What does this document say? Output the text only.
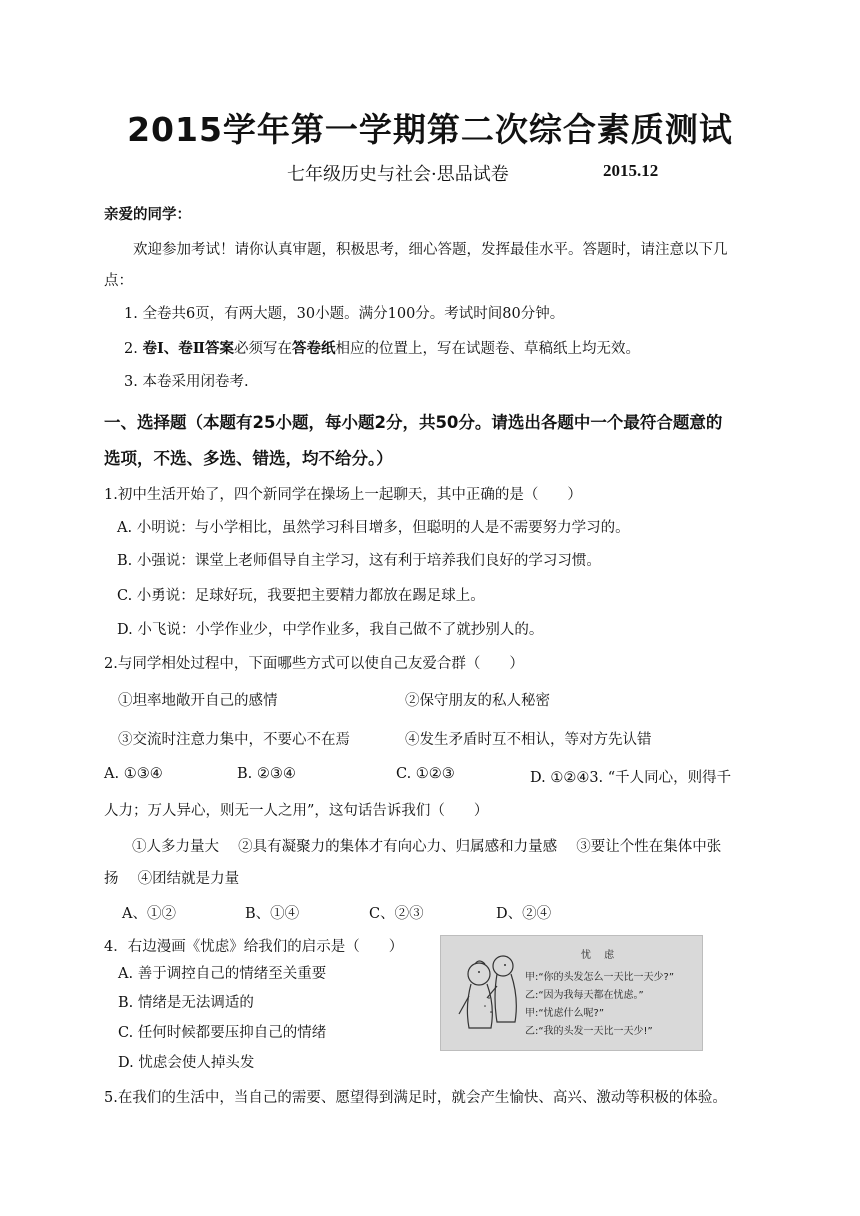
2015学年第一学期第二次综合素质测试
七年级历史与社会·思品试卷	2015.12
亲爱的同学：
欢迎参加考试！请你认真审题，积极思考，细心答题，发挥最佳水平。答题时，请注意以下几
点：
1. 全卷共6页，有两大题，30小题。满分100分。考试时间80分钟。
2. 卷Ⅰ、卷Ⅱ答案必须写在答卷纸相应的位置上，写在试题卷、草稿纸上均无效。
3. 本卷采用闭卷考.
一、选择题（本题有25小题，每小题2分，共50分。请选出各题中一个最符合题意的
选项，不选、多选、错选，均不给分。）
1.初中生活开始了，四个新同学在操场上一起聊天，其中正确的是（　　）
A. 小明说：与小学相比，虽然学习科目增多，但聪明的人是不需要努力学习的。
B. 小强说：课堂上老师倡导自主学习，这有利于培养我们良好的学习习惯。
C. 小勇说：足球好玩，我要把主要精力都放在踢足球上。
D. 小飞说：小学作业少，中学作业多，我自己做不了就抄别人的。
2.与同学相处过程中，下面哪些方式可以使自己友爱合群（　　）
①坦率地敞开自己的感情	②保守朋友的私人秘密
③交流时注意力集中，不要心不在焉	④发生矛盾时互不相认，等对方先认错
A. ①③④	B. ②③④	C. ①②③	D. ①②④3. “千人同心，则得千
人力；万人异心，则无一人之用”，这句话告诉我们（　　）
①人多力量大　 ②具有凝聚力的集体才有向心力、归属感和力量感　 ③要让个性在集体中张
扬　 ④团结就是力量
A、①②	B、①④	C、②③	D、②④
4．右边漫画《忧虑》给我们的启示是（　　）
A. 善于调控自己的情绪至关重要
B. 情绪是无法调适的
C. 任何时候都要压抑自己的情绪
D. 忧虑会使人掉头发
忧　 虑
甲:“你的头发怎么一天比一天少?”
乙:“因为我每天都在忧虑。”
甲:“忧虑什么呢?”
乙:“我的头发一天比一天少!”
5.在我们的生活中，当自己的需要、愿望得到满足时，就会产生愉快、高兴、激动等积极的体验。
